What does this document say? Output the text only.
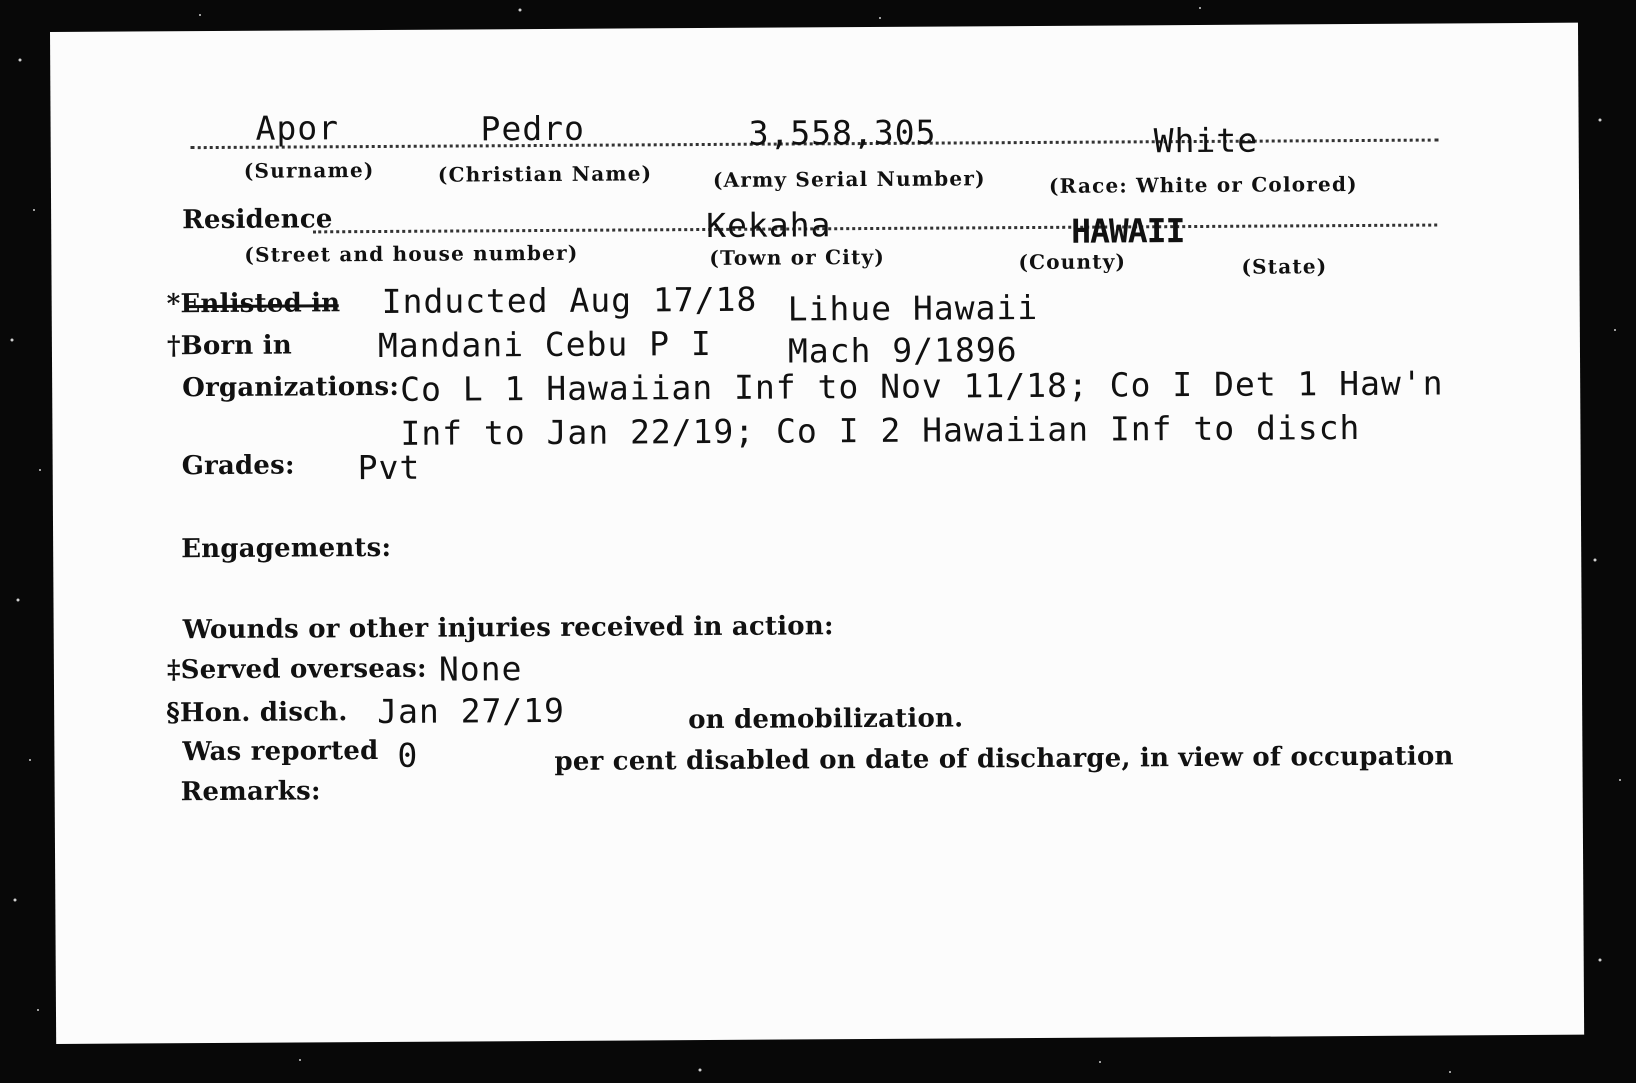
Apor	Pedro	3,558,305	White
(Surname)	(Christian Name)	(Army Serial Number)	(Race: White or Colored)
Residence	Kekaha	HAWAII
(Street and house number)	(Town or City)	(County)	(State)
*Enlisted in Inducted Aug 17/18 Lihue Hawaii
†Born in	Mandani Cebu P I Mach 9/1896
Organizations: Co L 1 Hawaiian Inf to Nov 11/18; Co I Det 1 Haw'n
Inf to Jan 22/19; Co I 2 Hawaiian Inf to disch
Grades: Pvt
Engagements:
Wounds or other injuries received in action:
‡Served overseas: None
§Hon. disch. Jan 27/19	on demobilization.
Was reported 0	per cent disabled on date of discharge, in view of occupation
Remarks:
